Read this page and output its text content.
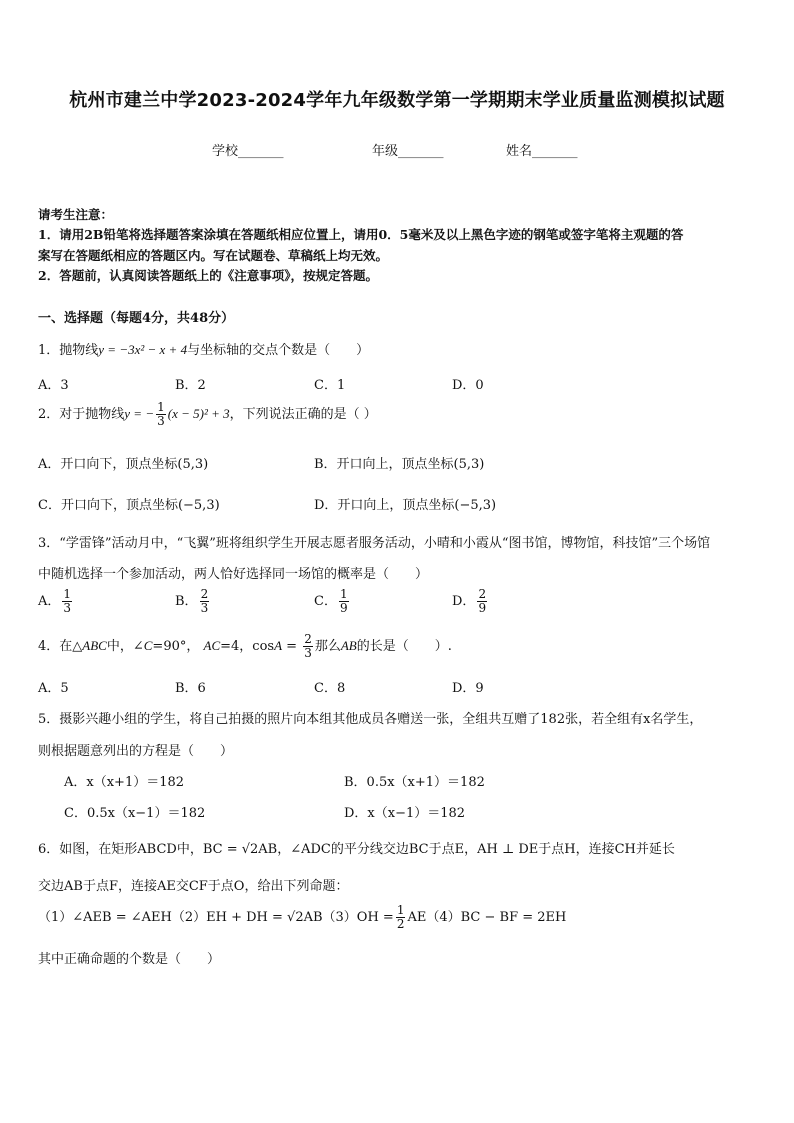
杭州市建兰中学2023-2024学年九年级数学第一学期期末学业质量监测模拟试题
学校_______	年级_______	姓名_______
请考生注意：
1．请用2B铅笔将选择题答案涂填在答题纸相应位置上，请用0．5毫米及以上黑色字迹的钢笔或签字笔将主观题的答
案写在答题纸相应的答题区内。写在试题卷、草稿纸上均无效。
2．答题前，认真阅读答题纸上的《注意事项》，按规定答题。
一、选择题（每题4分，共48分）
1．抛物线y = −3x² − x + 4与坐标轴的交点个数是（　　）
A．3	B．2	C．1	D．0
2．对于抛物线y = − $\frac{1}{3} (x - 5)^2 + 3$，下列说法正确的是（ ）
A．开口向下，顶点坐标(5,3)	B．开口向上，顶点坐标(5,3)
C．开口向下，顶点坐标(−5,3)	D．开口向上，顶点坐标(−5,3)
3．“学雷锋”活动月中，“飞翼”班将组织学生开展志愿者服务活动，小晴和小霞从“图书馆，博物馆，科技馆”三个场馆
中随机选择一个参加活动，两人恰好选择同一场馆的概率是（　　）
A． $\frac{1}{3}$	B． $\frac{2}{3}$	C． $\frac{1}{9}$	D． $\frac{2}{9}$
4．在△ABC中，∠C=90°， AC=4，$\cos A = \frac{2}{3}$ 那么AB的长是（　　）.
A．5	B．6	C．8	D．9
5．摄影兴趣小组的学生，将自己拍摄的照片向本组其他成员各赠送一张，全组共互赠了182张，若全组有x名学生，
则根据题意列出的方程是（　　）
A．x（x+1）＝182	B．0.5x（x+1）＝182
C．0.5x（x−1）＝182	D．x（x−1）＝182
6．如图，在矩形ABCD中，BC = √2AB，∠ADC的平分线交边BC于点E，AH ⊥ DE于点H，连接CH并延长
交边AB于点F，连接AE交CF于点O，给出下列命题：
（1）∠AEB = ∠AEH（2）EH + DH = $√2AB(3)OH = \frac{1}{2} AE(4)BC$ − BF = 2EH
其中正确命题的个数是（　　）
